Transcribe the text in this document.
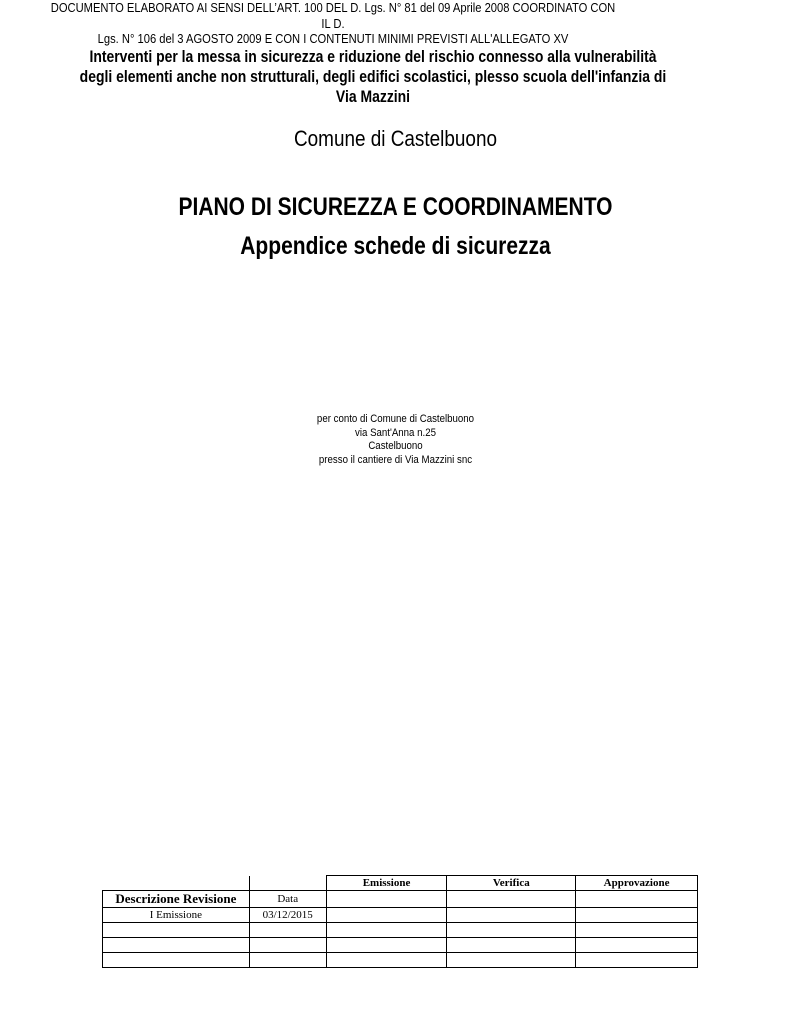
Comune di Castelbuono
PIANO DI SICUREZZA E COORDINAMENTO
Appendice schede di sicurezza
DOCUMENTO ELABORATO AI SENSI DELL’ART. 100 DEL D. Lgs. N° 81 del 09 Aprile 2008 COORDINATO CON IL D.
Lgs. N° 106 del 3 AGOSTO 2009 E CON I CONTENUTI MINIMI PREVISTI ALL'ALLEGATO XV
Interventi per la messa in sicurezza e riduzione del rischio connesso alla vulnerabilità
degli elementi anche non strutturali, degli edifici scolastici, plesso scuola dell'infanzia di
Via Mazzini
per conto di Comune di Castelbuono
via Sant'Anna n.25
Castelbuono
presso il cantiere di Via Mazzini snc
		Emissione	Verifica	Approvazione
Descrizione Revisione	Data			
I Emissione	03/12/2015			
